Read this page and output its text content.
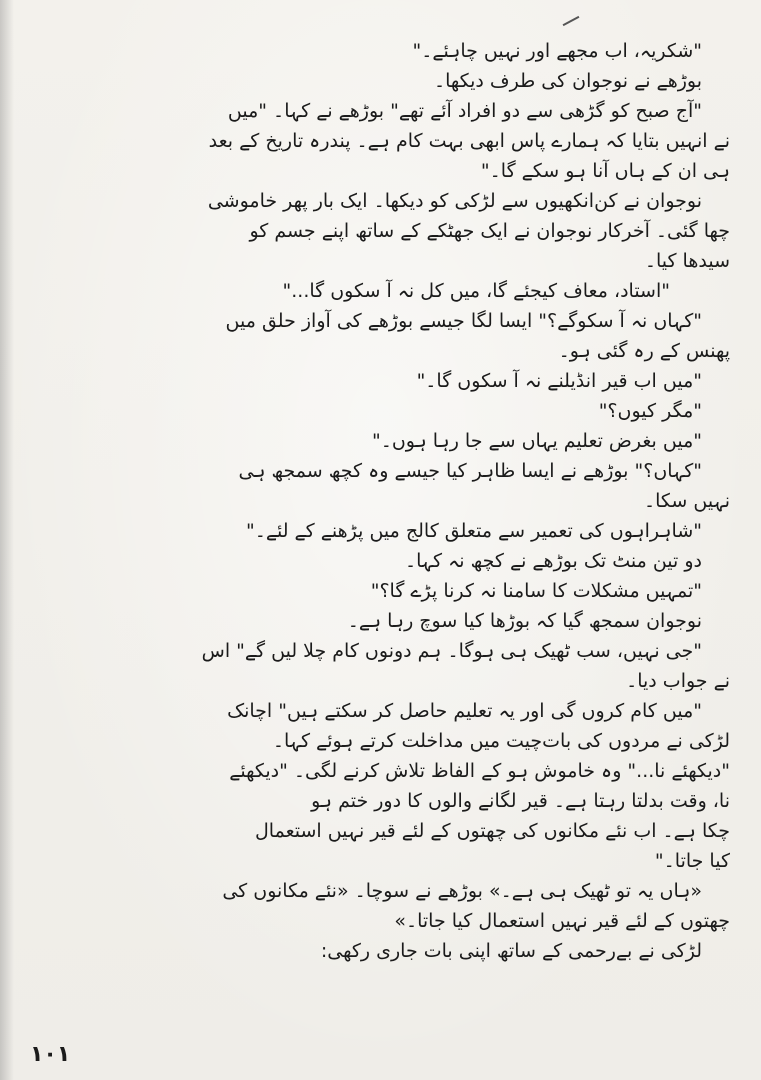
"شکریہ، اب مجھے اور نہیں چاہئے۔"
بوڑھے نے نوجوان کی طرف دیکھا۔
"آج صبح کو گڑھی سے دو افراد آئے تھے" بوڑھے نے کہا۔ "میں
نے انہیں بتایا کہ ہمارے پاس ابھی بہت کام ہے۔ پندرہ تاریخ کے بعد
ہی ان کے ہاں آنا ہو سکے گا۔"
نوجوان نے کن‌انکھیوں سے لڑکی کو دیکھا۔ ایک بار پھر خاموشی
چھا گئی۔ آخرکار نوجوان نے ایک جھٹکے کے ساتھ اپنے جسم کو
سیدھا کیا۔
"استاد، معاف کیجئے گا، میں کل نہ آ سکوں گا..."
"کہاں نہ آ سکوگے؟" ایسا لگا جیسے بوڑھے کی آواز حلق میں
پھنس کے رہ گئی ہو۔
"میں اب قیر انڈیلنے نہ آ سکوں گا۔"
"مگر کیوں؟"
"میں بغرض تعلیم یہاں سے جا رہا ہوں۔"
"کہاں؟" بوڑھے نے ایسا ظاہر کیا جیسے وہ کچھ سمجھ ہی
نہیں سکا۔
"شاہراہوں کی تعمیر سے متعلق کالج میں پڑھنے کے لئے۔"
دو تین منٹ تک بوڑھے نے کچھ نہ کہا۔
"تمہیں مشکلات کا سامنا نہ کرنا پڑے گا؟"
نوجوان سمجھ گیا کہ بوڑھا کیا سوچ رہا ہے۔
"جی نہیں، سب ٹھیک ہی ہوگا۔ ہم دونوں کام چلا لیں گے" اس
نے جواب دیا۔
"میں کام کروں گی اور یہ تعلیم حاصل کر سکتے ہیں" اچانک
لڑکی نے مردوں کی بات‌چیت میں مداخلت کرتے ہوئے کہا۔
"دیکھئے نا..." وہ خاموش ہو کے الفاظ تلاش کرنے لگی۔ "دیکھئے
نا، وقت بدلتا رہتا ہے۔ قیر لگانے والوں کا دور ختم ہو
چکا ہے۔ اب نئے مکانوں کی چھتوں کے لئے قیر نہیں استعمال
کیا جاتا۔"
«ہاں یہ تو ٹھیک ہی ہے۔» بوڑھے نے سوچا۔ «نئے مکانوں کی
چھتوں کے لئے قیر نہیں استعمال کیا جاتا۔»
لڑکی نے بےرحمی کے ساتھ اپنی بات جاری رکھی:
۱۰۱
